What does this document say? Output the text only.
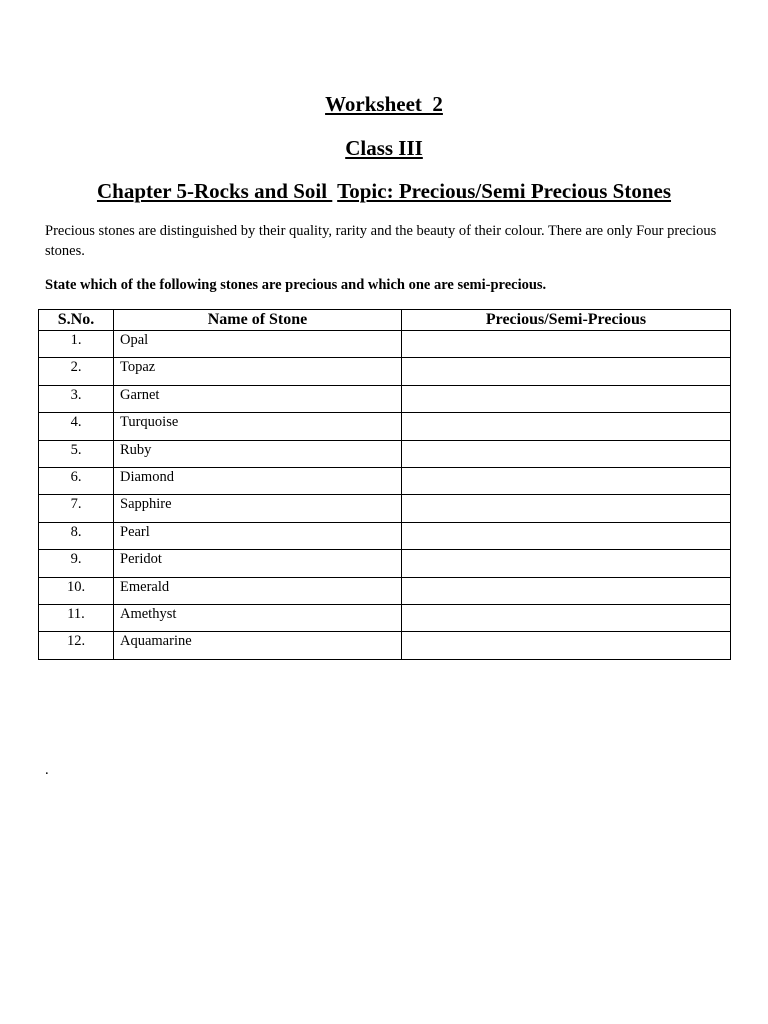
Worksheet  2
Class III
Chapter 5-Rocks and Soil  Topic: Precious/Semi Precious Stones
Precious stones are distinguished by their quality, rarity and the beauty of their colour. There are only Four precious stones.
State which of the following stones are precious and which one are semi-precious.
S.No.	Name of Stone	Precious/Semi-Precious
1.	Opal	
2.	Topaz	
3.	Garnet	
4.	Turquoise	
5.	Ruby	
6.	Diamond	
7.	Sapphire	
8.	Pearl	
9.	Peridot	
10.	Emerald	
11.	Amethyst	
12.	Aquamarine	
.
